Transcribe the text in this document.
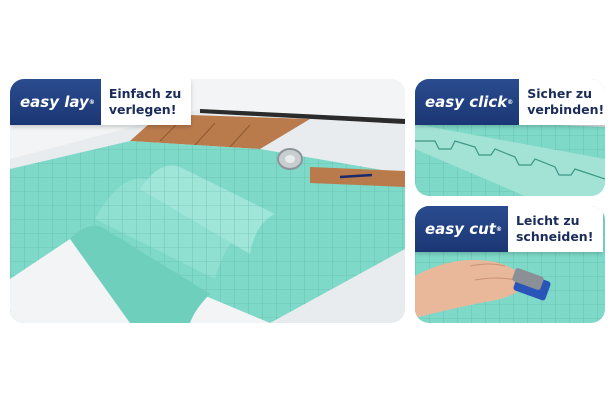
easy lay ®
Einfach zu
verlegen!	easy click ®
Sicher zu
verbinden!
easy cut ®
Leicht zu
schneiden!
